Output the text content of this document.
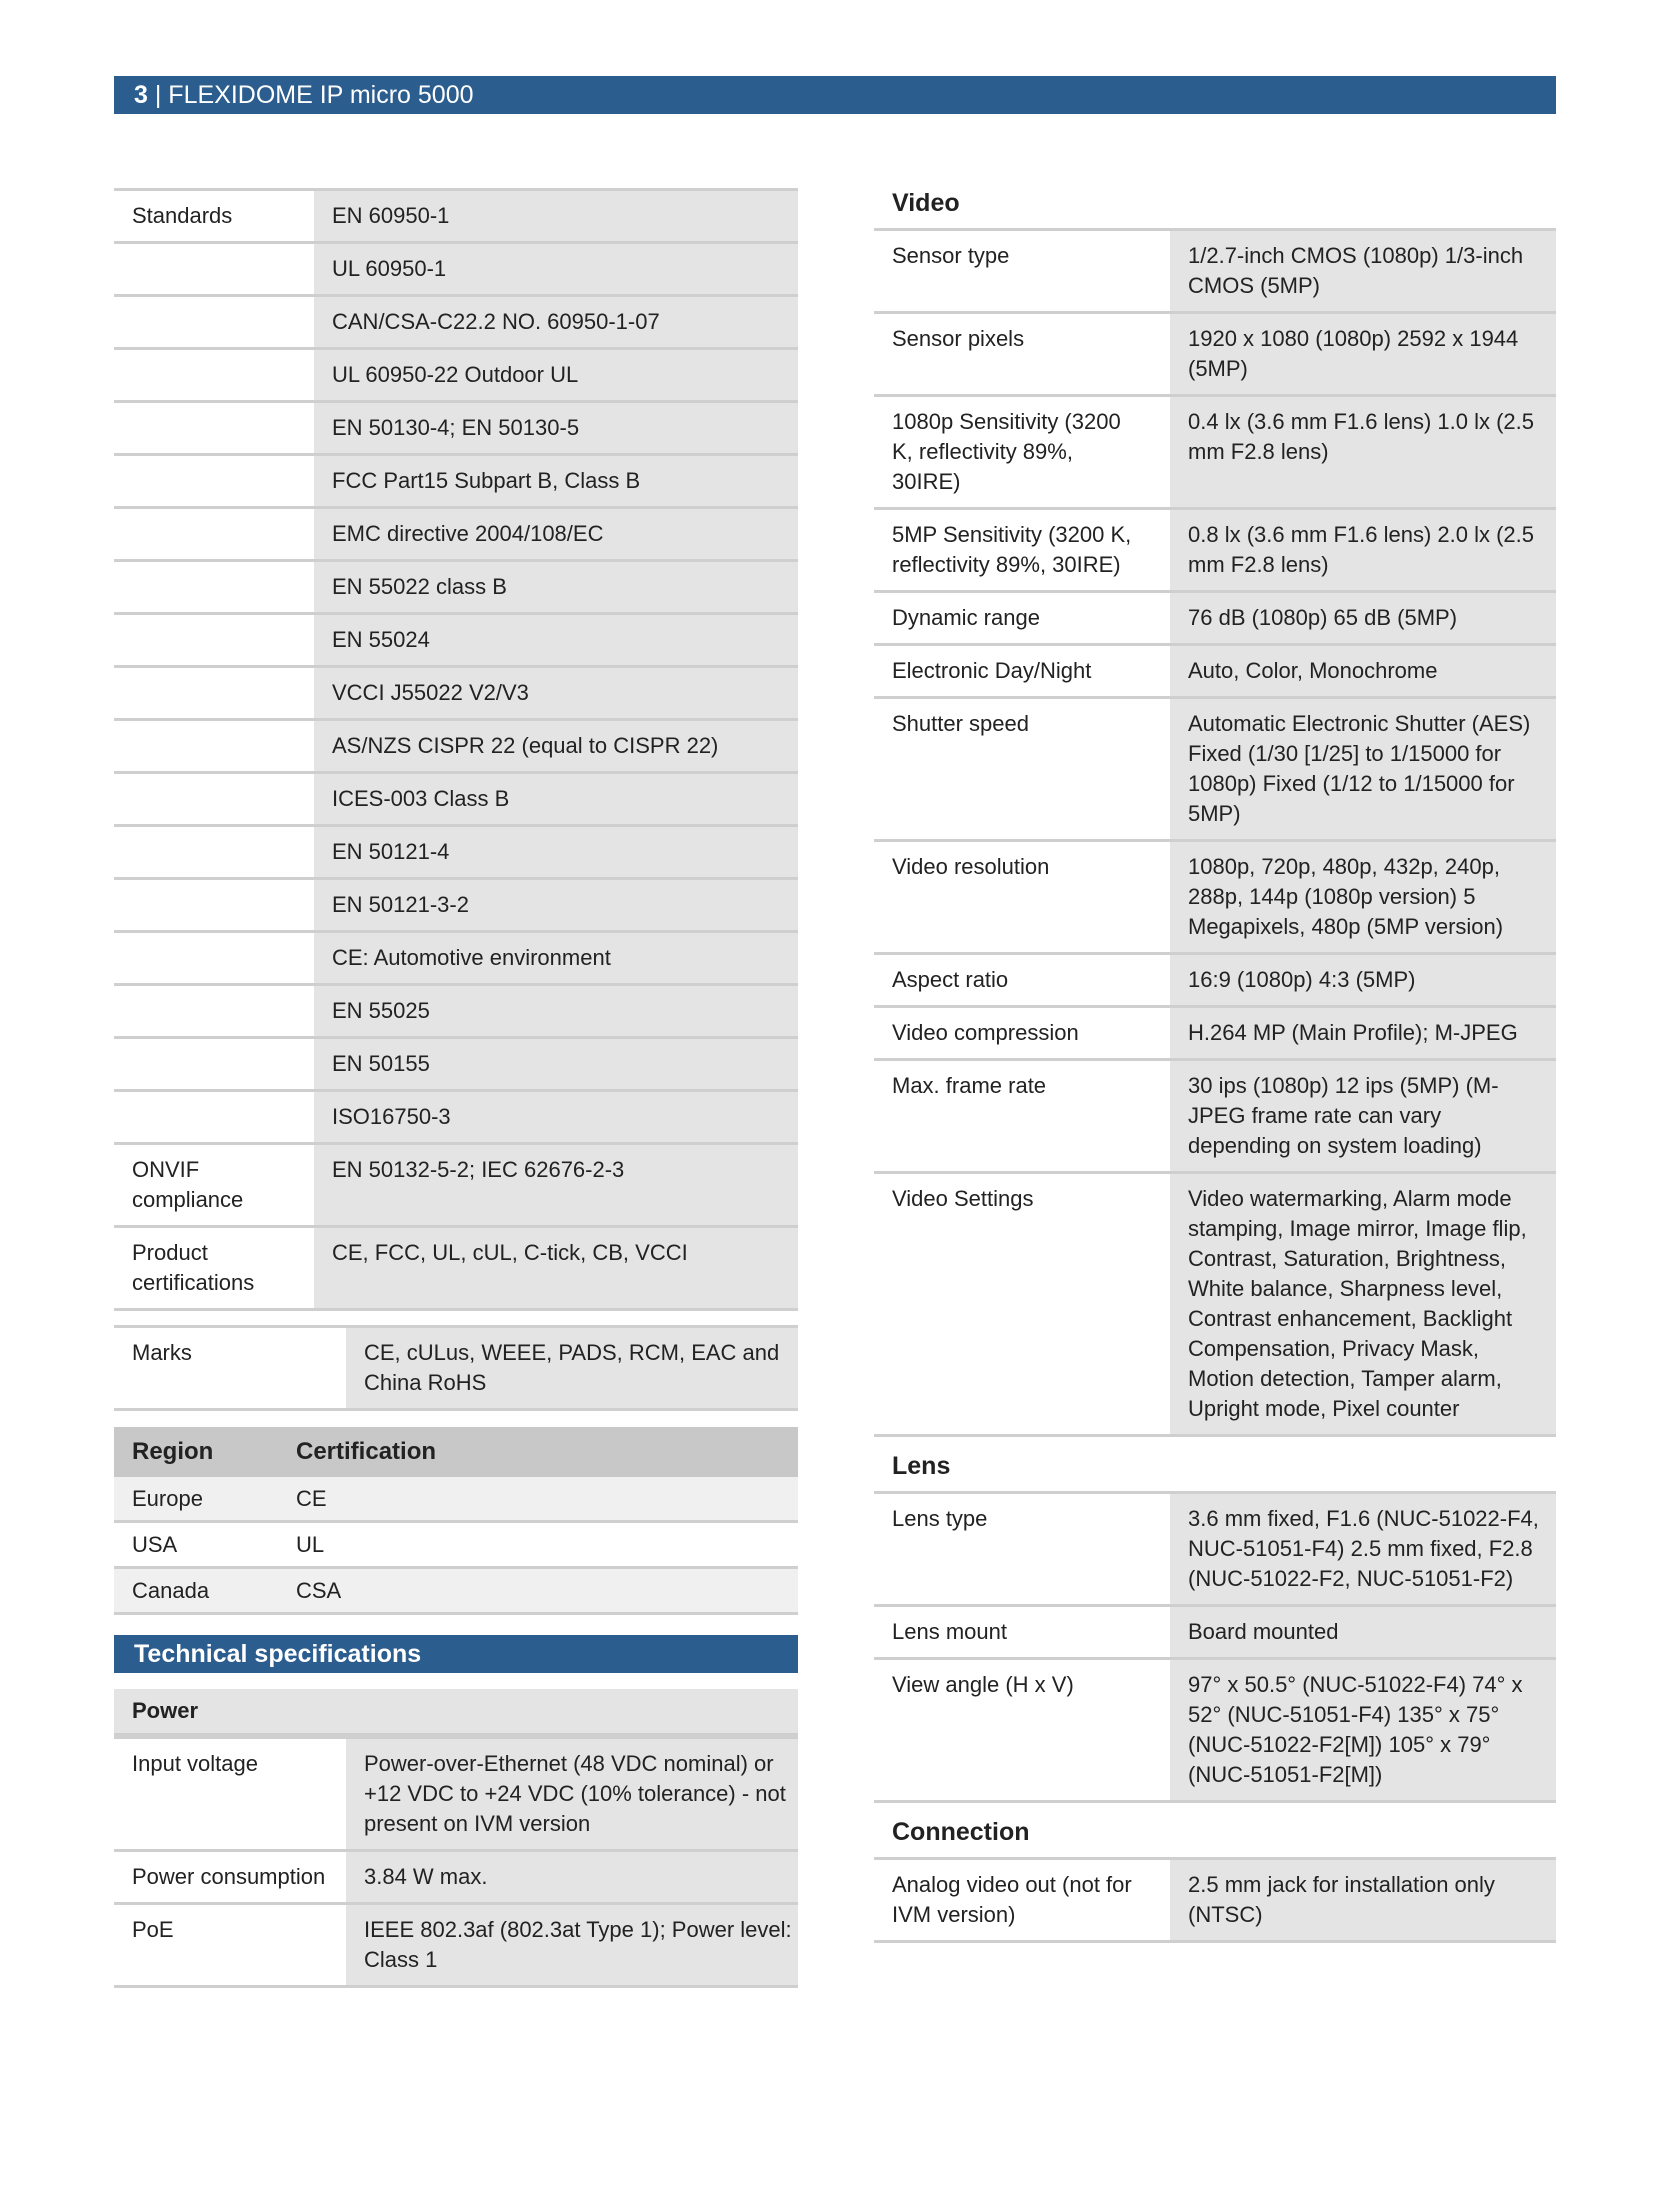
3 | FLEXIDOME IP micro 5000
Standards	EN 60950-1
	UL 60950-1
	CAN/CSA-C22.2 NO. 60950-1-07
	UL 60950-22 Outdoor UL
	EN 50130-4; EN 50130-5
	FCC Part15 Subpart B, Class B
	EMC directive 2004/108/EC
	EN 55022 class B
	EN 55024
	VCCI J55022 V2/V3
	AS/NZS CISPR 22 (equal to CISPR 22)
	ICES-003 Class B
	EN 50121-4
	EN 50121-3-2
	CE: Automotive environment
	EN 55025
	EN 50155
	ISO16750-3
ONVIF compliance	EN 50132-5-2; IEC 62676-2-3
Product certifications	CE, FCC, UL, cUL, C-tick, CB, VCCI
Marks	CE, cULus, WEEE, PADS, RCM, EAC and China RoHS
Region	Certification
Europe	CE
USA	UL
Canada	CSA
Technical specifications
Power
Input voltage	Power-over-Ethernet (48 VDC nominal) or +12 VDC to +24 VDC (10% tolerance) - not present on IVM version
Power consumption	3.84 W max.
PoE	IEEE 802.3af (802.3at Type 1); Power level: Class 1
Video
Sensor type	1/2.7-inch CMOS (1080p) 1/3-inch CMOS (5MP)
Sensor pixels	1920 x 1080 (1080p) 2592 x 1944 (5MP)
1080p Sensitivity (3200 K, reflectivity 89%, 30IRE)	0.4 lx (3.6 mm F1.6 lens) 1.0 lx (2.5 mm F2.8 lens)
5MP Sensitivity (3200 K, reflectivity 89%, 30IRE)	0.8 lx (3.6 mm F1.6 lens) 2.0 lx (2.5 mm F2.8 lens)
Dynamic range	76 dB (1080p) 65 dB (5MP)
Electronic Day/Night	Auto, Color, Monochrome
Shutter speed	Automatic Electronic Shutter (AES) Fixed (1/30 [1/25] to 1/15000 for 1080p) Fixed (1/12 to 1/15000 for 5MP)
Video resolution	1080p, 720p, 480p, 432p, 240p, 288p, 144p (1080p version) 5 Megapixels, 480p (5MP version)
Aspect ratio	16:9 (1080p) 4:3 (5MP)
Video compression	H.264 MP (Main Profile); M-JPEG
Max. frame rate	30 ips (1080p) 12 ips (5MP) (M-JPEG frame rate can vary depending on system loading)
Video Settings	Video watermarking, Alarm mode stamping, Image mirror, Image flip, Contrast, Saturation, Brightness, White balance, Sharpness level, Contrast enhancement, Backlight Compensation, Privacy Mask, Motion detection, Tamper alarm, Upright mode, Pixel counter
Lens
Lens type	3.6 mm fixed, F1.6 (NUC-51022-F4, NUC-51051-F4) 2.5 mm fixed, F2.8 (NUC-51022-F2, NUC-51051-F2)
Lens mount	Board mounted
View angle (H x V)	97° x 50.5° (NUC-51022-F4) 74° x 52° (NUC-51051-F4) 135° x 75° (NUC-51022-F2[M]) 105° x 79° (NUC-51051-F2[M])
Connection
Analog video out (not for IVM version)	2.5 mm jack for installation only (NTSC)
